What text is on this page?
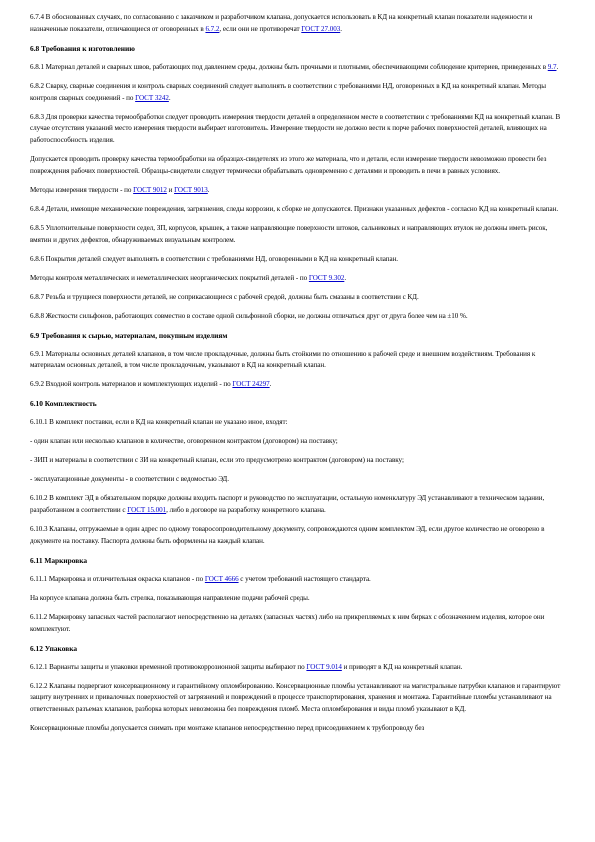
6.7.4 В обоснованных случаях, по согласованию с заказчиком и разработчиком клапана, допускается использовать в КД на конкретный клапан показатели надежности и назначенные показатели, отличающиеся от оговоренных в 6.7.2, если они не противоречат ГОСТ 27.003.
6.8 Требования к изготовлению
6.8.1 Материал деталей и сварных швов, работающих под давлением среды, должны быть прочными и плотными, обеспечивающими соблюдение критериев, приведенных в 9.7.
6.8.2 Сварку, сварные соединения и контроль сварных соединений следует выполнять в соответствии с требованиями НД, оговоренных в КД на конкретный клапан. Методы контроля сварных соединений - по ГОСТ 3242.
6.8.3 Для проверки качества термообработки следует проводить измерения твердости деталей в определенном месте в соответствии с требованиями КД на конкретный клапан. В случае отсутствия указаний место измерения твердости выбирает изготовитель. Измерение твердости не должно вести к порче рабочих поверхностей деталей, влияющих на работоспособность изделия.
Допускается проводить проверку качества термообработки на образцах-свидетелях из этого же материала, что и детали, если измерение твердости невозможно провести без повреждения рабочих поверхностей. Образцы-свидетели следует термически обрабатывать одновременно с деталями и проводить в печи в равных условиях.
Методы измерения твердости - по ГОСТ 9012 и ГОСТ 9013.
6.8.4 Детали, имеющие механические повреждения, загрязнения, следы коррозии, к сборке не допускаются. Признаки указанных дефектов - согласно КД на конкретный клапан.
6.8.5 Уплотнительные поверхности седел, ЗП, корпусов, крышек, а также направляющие поверхности штоков, сальниковых и направляющих втулок не должны иметь рисок, вмятин и других дефектов, обнаруживаемых визуальным контролем.
6.8.6 Покрытия деталей следует выполнять в соответствии с требованиями НД, оговоренными в КД на конкретный клапан.
Методы контроля металлических и неметаллических неорганических покрытий деталей - по ГОСТ 9.302.
6.8.7 Резьба и трущиеся поверхности деталей, не соприкасающиеся с рабочей средой, должны быть смазаны в соответствии с КД.
6.8.8 Жесткости сильфонов, работающих совместно в составе одной сильфонной сборки, не должны отличаться друг от друга более чем на ±10 %.
6.9 Требования к сырью, материалам, покупным изделиям
6.9.1 Материалы основных деталей клапанов, в том числе прокладочные, должны быть стойкими по отношению к рабочей среде и внешним воздействиям. Требования к материалам основных деталей, в том числе прокладочным, указывают в КД на конкретный клапан.
6.9.2 Входной контроль материалов и комплектующих изделий - по ГОСТ 24297.
6.10 Комплектность
6.10.1 В комплект поставки, если в КД на конкретный клапан не указано иное, входят:
- один клапан или несколько клапанов в количестве, оговоренном контрактом (договором) на поставку;
- ЗИП и материалы в соответствии с ЗИ на конкретный клапан, если это предусмотрено контрактом (договором) на поставку;
- эксплуатационные документы - в соответствии с ведомостью ЭД.
6.10.2 В комплект ЭД в обязательном порядке должны входить паспорт и руководство по эксплуатации, остальную номенклатуру ЭД устанавливают в техническом задании, разработанном в соответствии с ГОСТ 15.001, либо в договоре на разработку конкретного клапана.
6.10.3 Клапаны, отгружаемые в один адрес по одному товаросопроводительному документу, сопровождаются одним комплектом ЭД, если другое количество не оговорено в документе на поставку. Паспорта должны быть оформлены на каждый клапан.
6.11 Маркировка
6.11.1 Маркировка и отличительная окраска клапанов - по ГОСТ 4666 с учетом требований настоящего стандарта.
На корпусе клапана должна быть стрелка, показывающая направление подачи рабочей среды.
6.11.2 Маркировку запасных частей располагают непосредственно на деталях (запасных частях) либо на прикрепляемых к ним бирках с обозначением изделия, которое они комплектуют.
6.12 Упаковка
6.12.1 Варианты защиты и упаковки временной противокоррозионной защиты выбирают по ГОСТ 9.014 и приводят в КД на конкретный клапан.
6.12.2 Клапаны подвергают консервационному и гарантийному опломбированию. Консервационные пломбы устанавливают на магистральные патрубки клапанов и гарантируют защиту внутренних и привалочных поверхностей от загрязнений и повреждений в процессе транспортирования, хранения и монтажа. Гарантийные пломбы устанавливают на ответственных разъемах клапанов, разборка которых невозможна без повреждения пломб. Места опломбирования и виды пломб указывают в КД.
Консервационные пломбы допускается снимать при монтаже клапанов непосредственно перед присоединением к трубопроводу без
